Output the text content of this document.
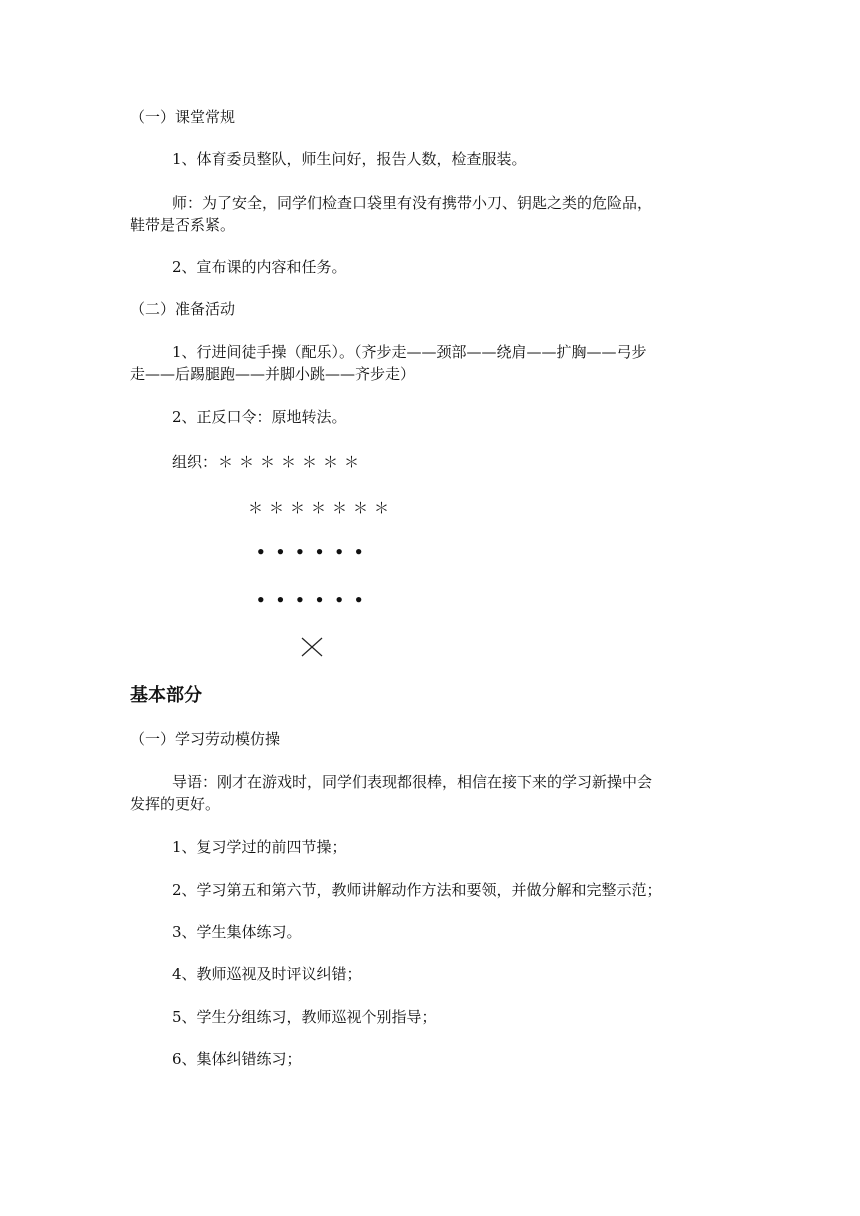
（一）课堂常规
1、体育委员整队，师生问好，报告人数，检查服装。
师：为了安全，同学们检查口袋里有没有携带小刀、钥匙之类的危险品，
鞋带是否系紧。
2、宣布课的内容和任务。
（二）准备活动
1、行进间徒手操（配乐）。（齐步走——颈部——绕肩——扩胸——弓步
走——后踢腿跑——并脚小跳——齐步走）
2、正反口令：原地转法。
组织： ＊＊＊＊＊＊＊
＊＊＊＊＊＊＊
••••••
••••••
基本部分
（一）学习劳动模仿操
导语：刚才在游戏时，同学们表现都很棒，相信在接下来的学习新操中会
发挥的更好。
1、复习学过的前四节操；
2、学习第五和第六节，教师讲解动作方法和要领，并做分解和完整示范；
3、学生集体练习。
4、教师巡视及时评议纠错；
5、学生分组练习，教师巡视个别指导；
6、集体纠错练习；
